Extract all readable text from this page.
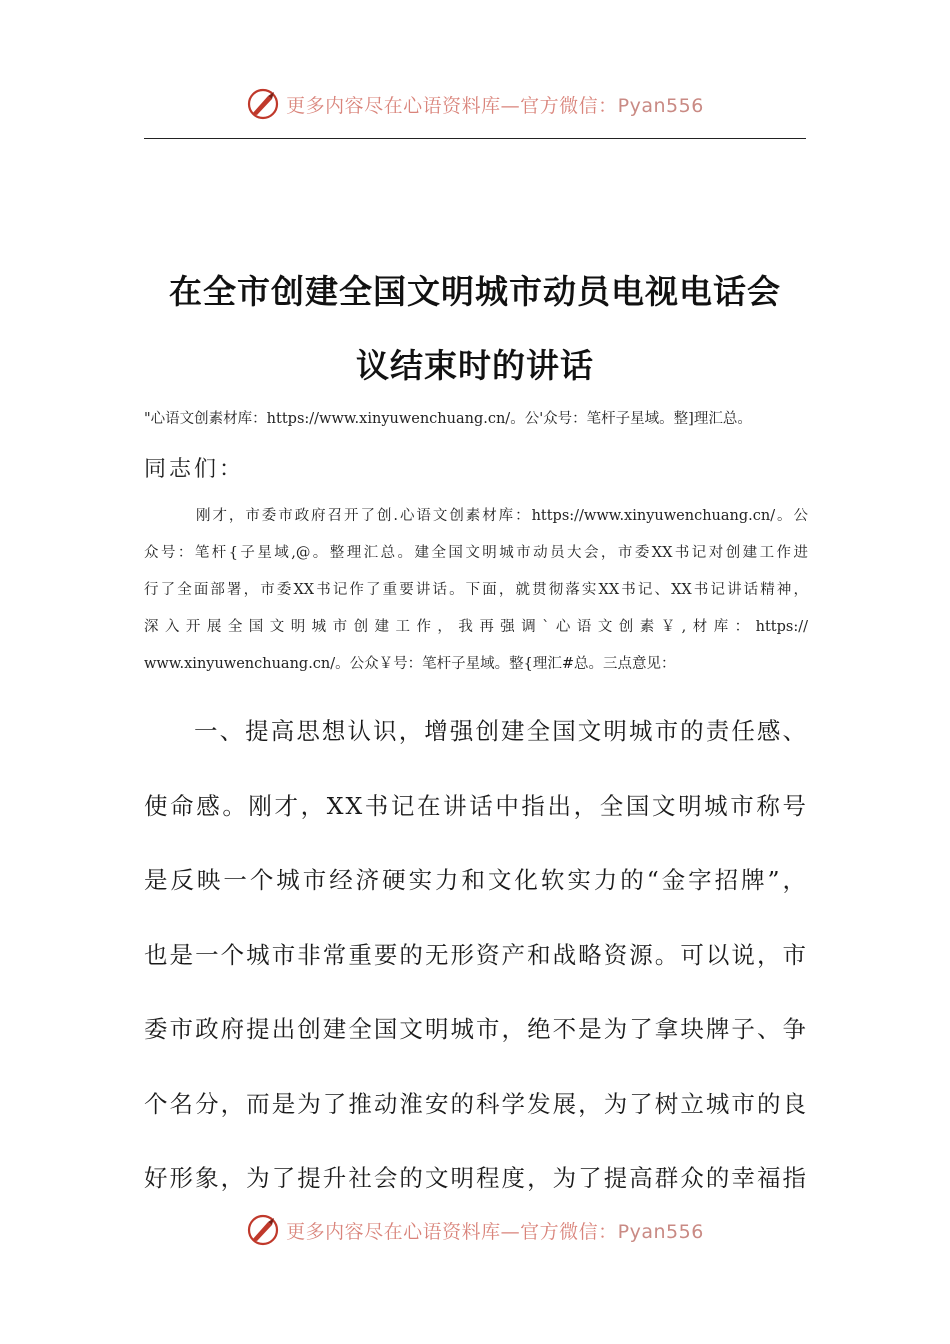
更多内容尽在心语资料库—官方微信：Pyan556
在全市创建全国文明城市动员电视电话会
议结束时的讲话
"心语文创素材库：https://www.xinyuwenchuang.cn/。公'众号：笔杆子星域。整]理汇总。
同志们：
刚才，市委市政府召开了创.心语文创素材库：https://www.xinyuwenchuang.cn/。公
众号：笔杆{子星域,@。整理汇总。建全国文明城市动员大会，市委XX书记对创建工作进
行了全面部署，市委XX书记作了重要讲话。下面，就贯彻落实XX书记、XX书记讲话精神，
深入开展全国文明城市创建工作，我再强调`心语文创素￥,材库：https://
www.xinyuwenchuang.cn/。公众￥号：笔杆子星域。整{理汇#总。三点意见：
一、提高思想认识，增强创建全国文明城市的责任感、
使命感。刚才，XX书记在讲话中指出，全国文明城市称号
是反映一个城市经济硬实力和文化软实力的“金字招牌”，
也是一个城市非常重要的无形资产和战略资源。可以说，市
委市政府提出创建全国文明城市，绝不是为了拿块牌子、争
个名分，而是为了推动淮安的科学发展，为了树立城市的良
好形象，为了提升社会的文明程度，为了提高群众的幸福指
更多内容尽在心语资料库—官方微信：Pyan556
